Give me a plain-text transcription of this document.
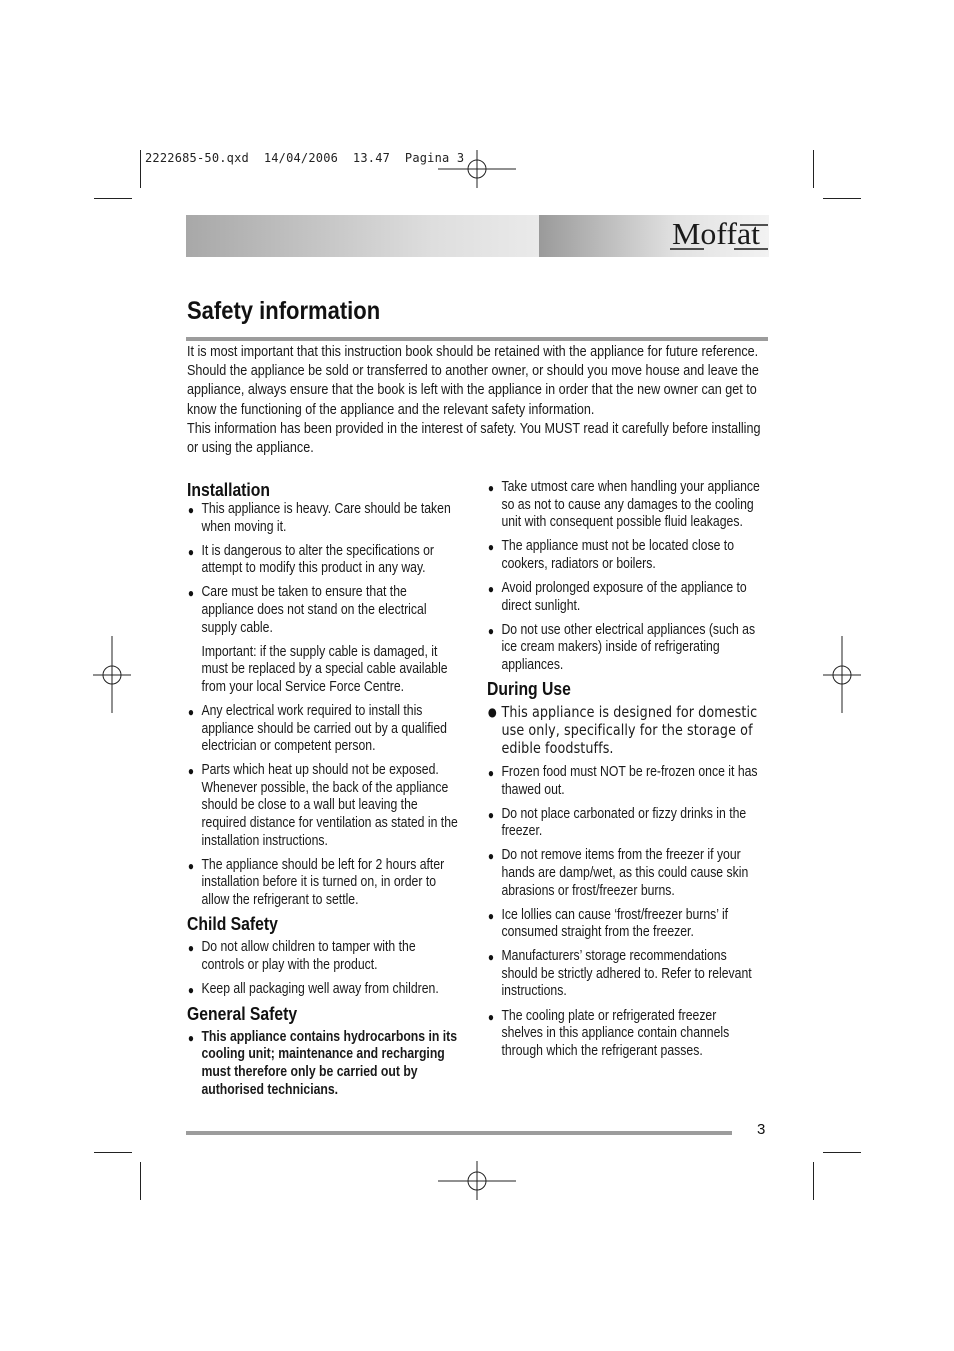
2222685-50.qxd 14/04/2006 13.47 Pagina 3
Moffat
Safety information

It is most important that this instruction book should be retained with the appliance for future reference. Should the appliance be sold or transferred to another owner, or should you move house and leave the appliance, always ensure that the book is left with the appliance in order that the new owner can get to know the functioning of the appliance and the relevant safety information.

This information has been provided in the interest of safety. You MUST read it carefully before installing or using the appliance.

Installation
● This appliance is heavy. Care should be taken when moving it.
● It is dangerous to alter the specifications or attempt to modify this product in any way.
● Care must be taken to ensure that the appliance does not stand on the electrical supply cable.
Important: if the supply cable is damaged, it must be replaced by a special cable available from your local Service Force Centre.
● Any electrical work required to install this appliance should be carried out by a qualified electrician or competent person.
● Parts which heat up should not be exposed. Whenever possible, the back of the appliance should be close to a wall but leaving the required distance for ventilation as stated in the installation instructions.
● The appliance should be left for 2 hours after installation before it is turned on, in order to allow the refrigerant to settle.
Child Safety
● Do not allow children to tamper with the controls or play with the product.
● Keep all packaging well away from children.
General Safety
● This appliance contains hydrocarbons in its cooling unit; maintenance and recharging must therefore only be carried out by authorised technicians.
● Take utmost care when handling your appliance so as not to cause any damages to the cooling unit with consequent possible fluid leakages.
● The appliance must not be located close to cookers, radiators or boilers.
● Avoid prolonged exposure of the appliance to direct sunlight.
● Do not use other electrical appliances (such as ice cream makers) inside of refrigerating appliances.
During Use
● This appliance is designed for domestic use only, specifically for the storage of edible foodstuffs.
● Frozen food must NOT be re-frozen once it has thawed out.
● Do not place carbonated or fizzy drinks in the freezer.
● Do not remove items from the freezer if your hands are damp/wet, as this could cause skin abrasions or frost/freezer burns.
● Ice lollies can cause ‘frost/freezer burns’ if consumed straight from the freezer.
● Manufacturers’ storage recommendations should be strictly adhered to. Refer to relevant instructions.
● The cooling plate or refrigerated freezer shelves in this appliance contain channels through which the refrigerant passes.
3
